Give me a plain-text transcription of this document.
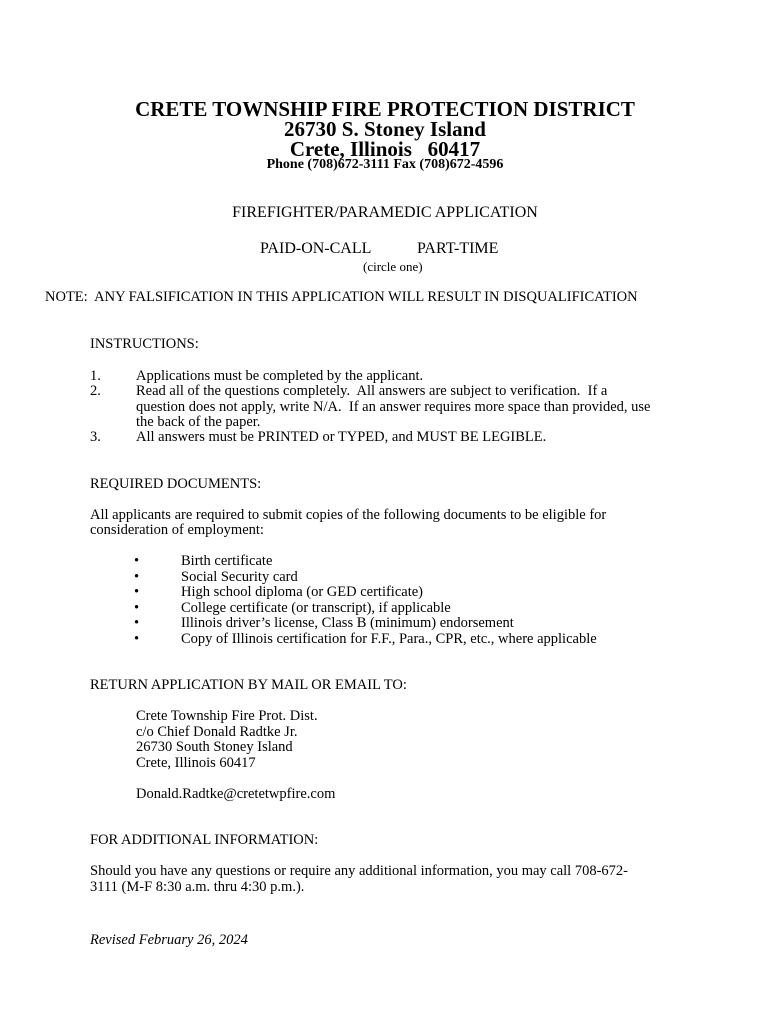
CRETE TOWNSHIP FIRE PROTECTION DISTRICT
26730 S. Stoney Island
Crete, Illinois   60417
Phone (708)672-3111 Fax (708)672-4596
FIREFIGHTER/PARAMEDIC APPLICATION
PAID-ON-CALL	PART-TIME
(circle one)
NOTE:  ANY FALSIFICATION IN THIS APPLICATION WILL RESULT IN DISQUALIFICATION
INSTRUCTIONS:
1.	Applications must be completed by the applicant.
2.	Read all of the questions completely.  All answers are subject to verification.  If a
question does not apply, write N/A.  If an answer requires more space than provided, use
the back of the paper.
3.	All answers must be PRINTED or TYPED, and MUST BE LEGIBLE.
REQUIRED DOCUMENTS:
All applicants are required to submit copies of the following documents to be eligible for
consideration of employment:
•	Birth certificate
•	Social Security card
•	High school diploma (or GED certificate)
•	College certificate (or transcript), if applicable
•	Illinois driver’s license, Class B (minimum) endorsement
•	Copy of Illinois certification for F.F., Para., CPR, etc., where applicable
RETURN APPLICATION BY MAIL OR EMAIL TO:
Crete Township Fire Prot. Dist.
c/o Chief Donald Radtke Jr.
26730 South Stoney Island
Crete, Illinois 60417
Donald.Radtke@cretetwpfire.com
FOR ADDITIONAL INFORMATION:
Should you have any questions or require any additional information, you may call 708-672-
3111 (M-F 8:30 a.m. thru 4:30 p.m.).
Revised February 26, 2024
